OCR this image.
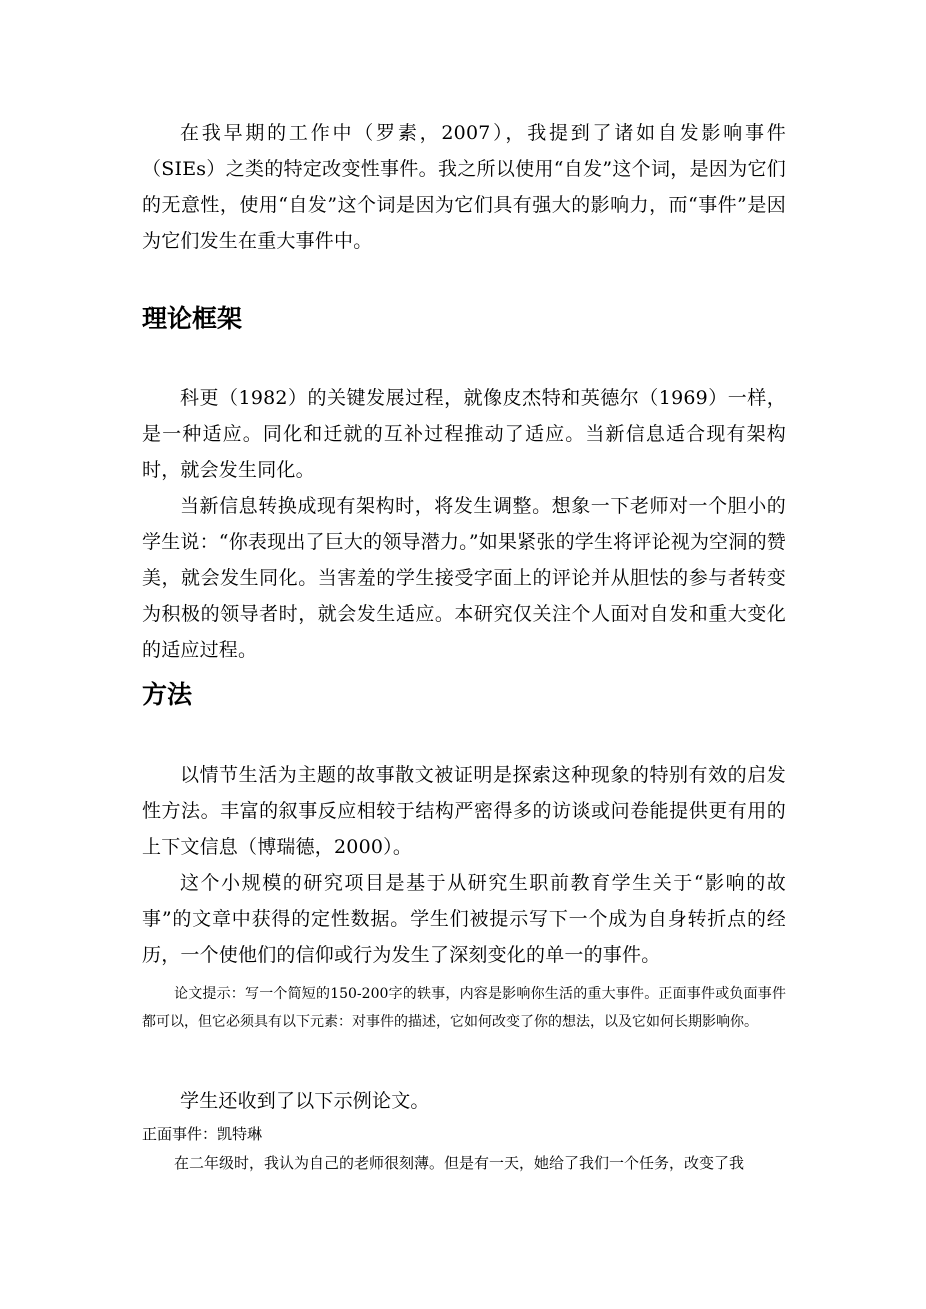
在我早期的工作中（罗素，2007），我提到了诸如自发影响事件（SIEs）之类的特定改变性事件。我之所以使用“自发”这个词，是因为它们的无意性，使用“自发”这个词是因为它们具有强大的影响力，而“事件”是因为它们发生在重大事件中。

理论框架

科更（1982）的关键发展过程，就像皮杰特和英德尔（1969）一样，是一种适应。同化和迁就的互补过程推动了适应。当新信息适合现有架构时，就会发生同化。

当新信息转换成现有架构时，将发生调整。想象一下老师对一个胆小的学生说：“你表现出了巨大的领导潜力。”如果紧张的学生将评论视为空洞的赞美，就会发生同化。当害羞的学生接受字面上的评论并从胆怯的参与者转变为积极的领导者时，就会发生适应。本研究仅关注个人面对自发和重大变化的适应过程。

方法

以情节生活为主题的故事散文被证明是探索这种现象的特别有效的启发性方法。丰富的叙事反应相较于结构严密得多的访谈或问卷能提供更有用的上下文信息（博瑞德，2000）。

这个小规模的研究项目是基于从研究生职前教育学生关于“影响的故事”的文章中获得的定性数据。学生们被提示写下一个成为自身转折点的经历，一个使他们的信仰或行为发生了深刻变化的单一的事件。

论文提示：写一个简短的150-200字的轶事，内容是影响你生活的重大事件。正面事件或负面事件都可以，但它必须具有以下元素：对事件的描述，它如何改变了你的想法，以及它如何长期影响你。

学生还收到了以下示例论文。

正面事件：凯特琳

在二年级时，我认为自己的老师很刻薄。但是有一天，她给了我们一个任务，改变了我
